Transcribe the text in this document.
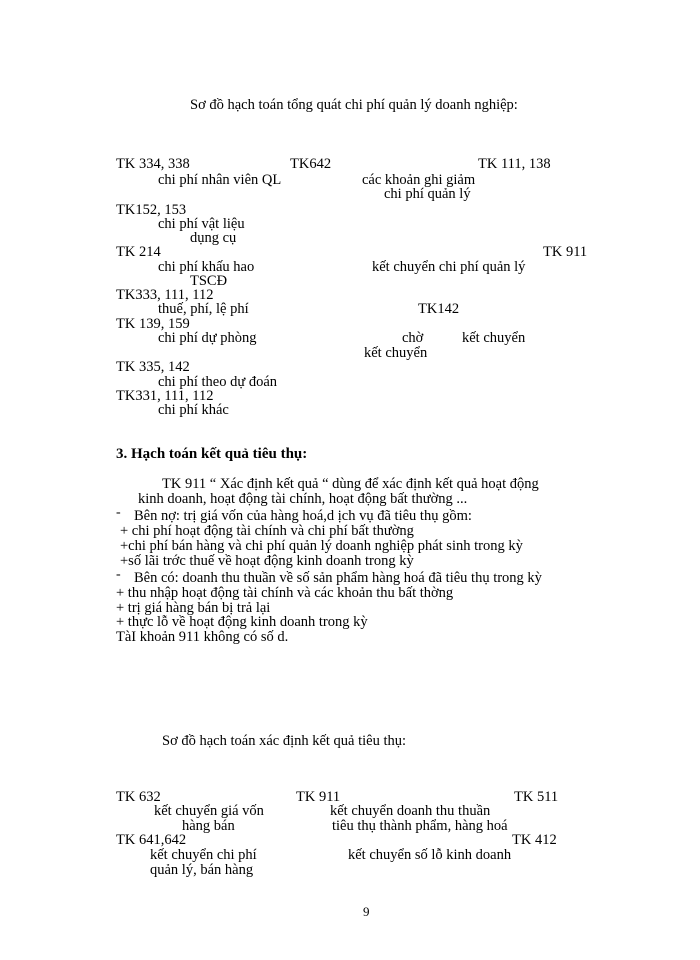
Sơ đồ hạch toán tổng quát chi phí quản lý doanh nghiệp:
TK 334, 338	TK642	TK 111, 138
chi phí nhân viên QL	các khoản ghi giảm
chi phí quản lý
TK152, 153
chi phí vật liệu
dụng cụ
TK 214	TK 911
chi phí khấu hao	kết chuyển chi phí quản lý
TSCĐ
TK333, 111, 112
thuế, phí, lệ phí	TK142
TK 139, 159
chi phí dự phòng	chờ	kết chuyển
kết chuyển
TK 335, 142
chi phí theo dự đoán
TK331, 111, 112
chi phí khác
3. Hạch toán kết quả tiêu thụ:
TK 911 “ Xác định kết quả “ dùng để xác định kết quả hoạt động
kinh doanh, hoạt động tài chính, hoạt động bất thường ...
- Bên nợ: trị giá vốn của hàng hoá,d ịch vụ đã tiêu thụ gồm:
+ chi phí hoạt động tài chính và chi phí bất thường
+chi phí bán hàng và chi phí quản lý doanh nghiệp phát sinh trong kỳ
+số lãi trớc thuế về hoạt động kinh doanh trong kỳ
- Bên có: doanh thu thuần về số sản phẩm hàng hoá đã tiêu thụ trong kỳ
+ thu nhập hoạt động tài chính và các khoản thu bất thờng
+ trị giá hàng bán bị trả lại
+ thực lỗ về hoạt động kinh doanh trong kỳ
TàI khoản 911 không có số d.
Sơ đồ hạch toán xác định kết quả tiêu thụ:
TK 632	TK 911	TK 511
kết chuyển giá vốn	kết chuyển doanh thu thuần
hàng bán	tiêu thụ thành phẩm, hàng hoá
TK 641,642	TK 412
kết chuyển chi phí	kết chuyển số lỗ kinh doanh
quản lý, bán hàng
9
